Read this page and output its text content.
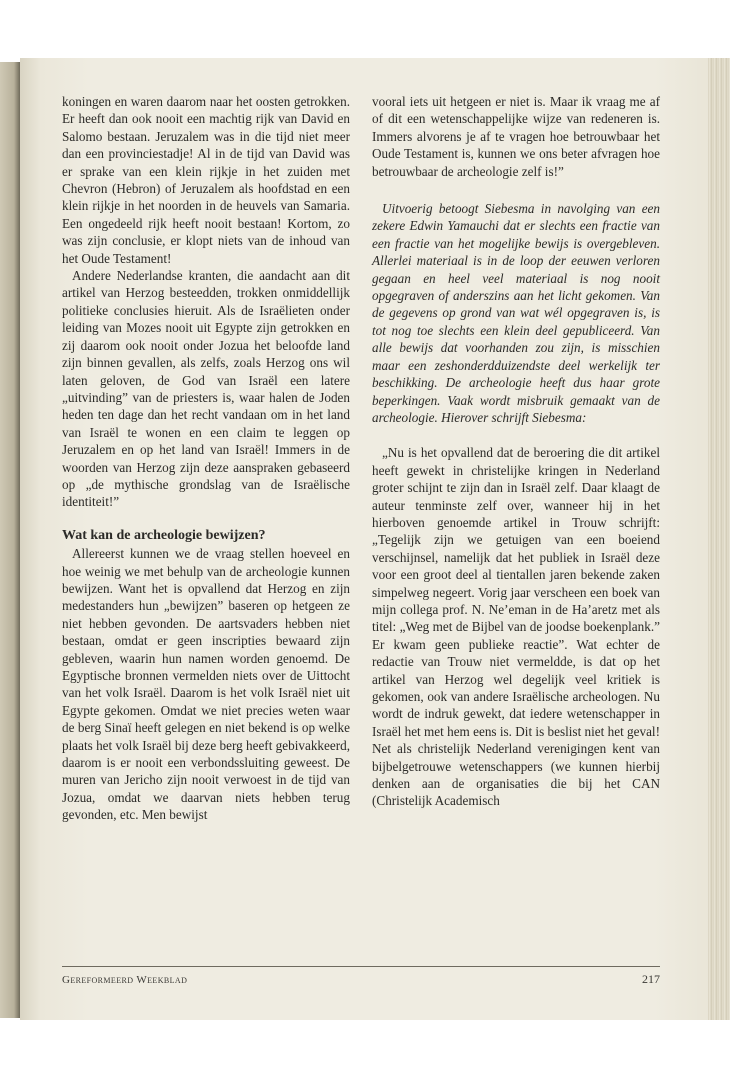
koningen en waren daarom naar het oosten getrokken. Er heeft dan ook nooit een machtig rijk van David en Salomo bestaan. Jeruzalem was in die tijd niet meer dan een provinciestadje! Al in de tijd van David was er sprake van een klein rijkje in het zuiden met Chevron (Hebron) of Jeruzalem als hoofdstad en een klein rijkje in het noorden in de heuvels van Samaria. Een ongedeeld rijk heeft nooit bestaan! Kortom, zo was zijn conclusie, er klopt niets van de inhoud van het Oude Testament!

Andere Nederlandse kranten, die aandacht aan dit artikel van Herzog besteedden, trokken onmiddellijk politieke conclusies hieruit. Als de Israëlieten onder leiding van Mozes nooit uit Egypte zijn getrokken en zij daarom ook nooit onder Jozua het beloofde land zijn binnen gevallen, als zelfs, zoals Herzog ons wil laten geloven, de God van Israël een latere „uitvinding” van de priesters is, waar halen de Joden heden ten dage dan het recht vandaan om in het land van Israël te wonen en een claim te leggen op Jeruzalem en op het land van Israël! Immers in de woorden van Herzog zijn deze aanspraken gebaseerd op „de mythische grondslag van de Israëlische identiteit!”

Wat kan de archeologie bewijzen?

Allereerst kunnen we de vraag stellen hoeveel en hoe weinig we met behulp van de archeologie kunnen bewijzen. Want het is opvallend dat Herzog en zijn medestanders hun „bewijzen” baseren op hetgeen ze niet hebben gevonden. De aartsvaders hebben niet bestaan, omdat er geen inscripties bewaard zijn gebleven, waarin hun namen worden genoemd. De Egyptische bronnen vermelden niets over de Uittocht van het volk Israël. Daarom is het volk Israël niet uit Egypte gekomen. Omdat we niet precies weten waar de berg Sinaï heeft gelegen en niet bekend is op welke plaats het volk Israël bij deze berg heeft gebivakkeerd, daarom is er nooit een verbondssluiting geweest. De muren van Jericho zijn nooit verwoest in de tijd van Jozua, omdat we daarvan niets hebben terug gevonden, etc. Men bewijst

vooral iets uit hetgeen er niet is. Maar ik vraag me af of dit een wetenschappelijke wijze van redeneren is. Immers alvorens je af te vragen hoe betrouwbaar het Oude Testament is, kunnen we ons beter afvragen hoe betrouwbaar de archeologie zelf is!”

Uitvoerig betoogt Siebesma in navolging van een zekere Edwin Yamauchi dat er slechts een fractie van een fractie van het mogelijke bewijs is overgebleven. Allerlei materiaal is in de loop der eeuwen verloren gegaan en heel veel materiaal is nog nooit opgegraven of anderszins aan het licht gekomen. Van de gegevens op grond van wat wél opgegraven is, is tot nog toe slechts een klein deel gepubliceerd. Van alle bewijs dat voorhanden zou zijn, is misschien maar een zeshonderdduizendste deel werkelijk ter beschikking. De archeologie heeft dus haar grote beperkingen. Vaak wordt misbruik gemaakt van de archeologie. Hierover schrijft Siebesma:

„Nu is het opvallend dat de beroering die dit artikel heeft gewekt in christelijke kringen in Nederland groter schijnt te zijn dan in Israël zelf. Daar klaagt de auteur tenminste zelf over, wanneer hij in het hierboven genoemde artikel in Trouw schrijft: „Tegelijk zijn we getuigen van een boeiend verschijnsel, namelijk dat het publiek in Israël deze voor een groot deel al tientallen jaren bekende zaken simpelweg negeert. Vorig jaar verscheen een boek van mijn collega prof. N. Ne’eman in de Ha’aretz met als titel: „Weg met de Bijbel van de joodse boekenplank.” Er kwam geen publieke reactie”. Wat echter de redactie van Trouw niet vermeldde, is dat op het artikel van Herzog wel degelijk veel kritiek is gekomen, ook van andere Israëlische archeologen. Nu wordt de indruk gewekt, dat iedere wetenschapper in Israël het met hem eens is. Dit is beslist niet het geval! Net als christelijk Nederland verenigingen kent van bijbelgetrouwe wetenschappers (we kunnen hierbij denken aan de organisaties die bij het CAN (Christelijk Academisch

Gereformeerd Weekblad	217
